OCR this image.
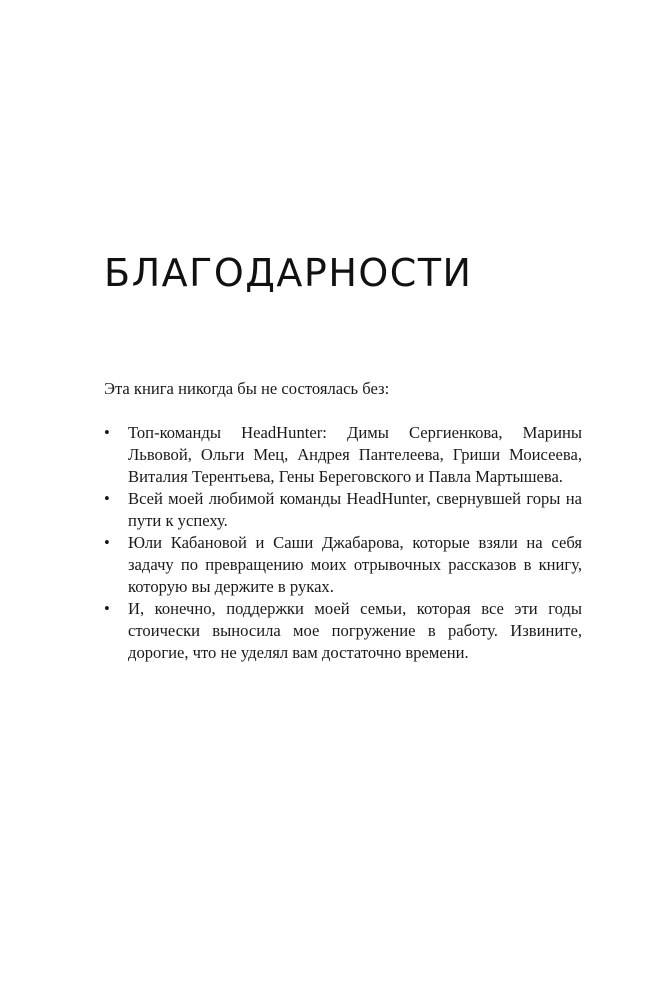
БЛАГОДАРНОСТИ

Эта книга никогда бы не состоялась без:

• Топ-команды HeadHunter: Димы Сергиенкова, Марины Львовой, Ольги Мец, Андрея Пантелеева, Гриши Моисеева, Виталия Терентьева, Гены Береговского и Павла Мартышева.
• Всей моей любимой команды HeadHunter, свернувшей горы на пути к успеху.
• Юли Кабановой и Саши Джабарова, которые взяли на себя задачу по превращению моих отрывочных рассказов в книгу, которую вы держите в руках.
• И, конечно, поддержки моей семьи, которая все эти годы стоически выносила мое погружение в работу. Извините, дорогие, что не уделял вам достаточно времени.
